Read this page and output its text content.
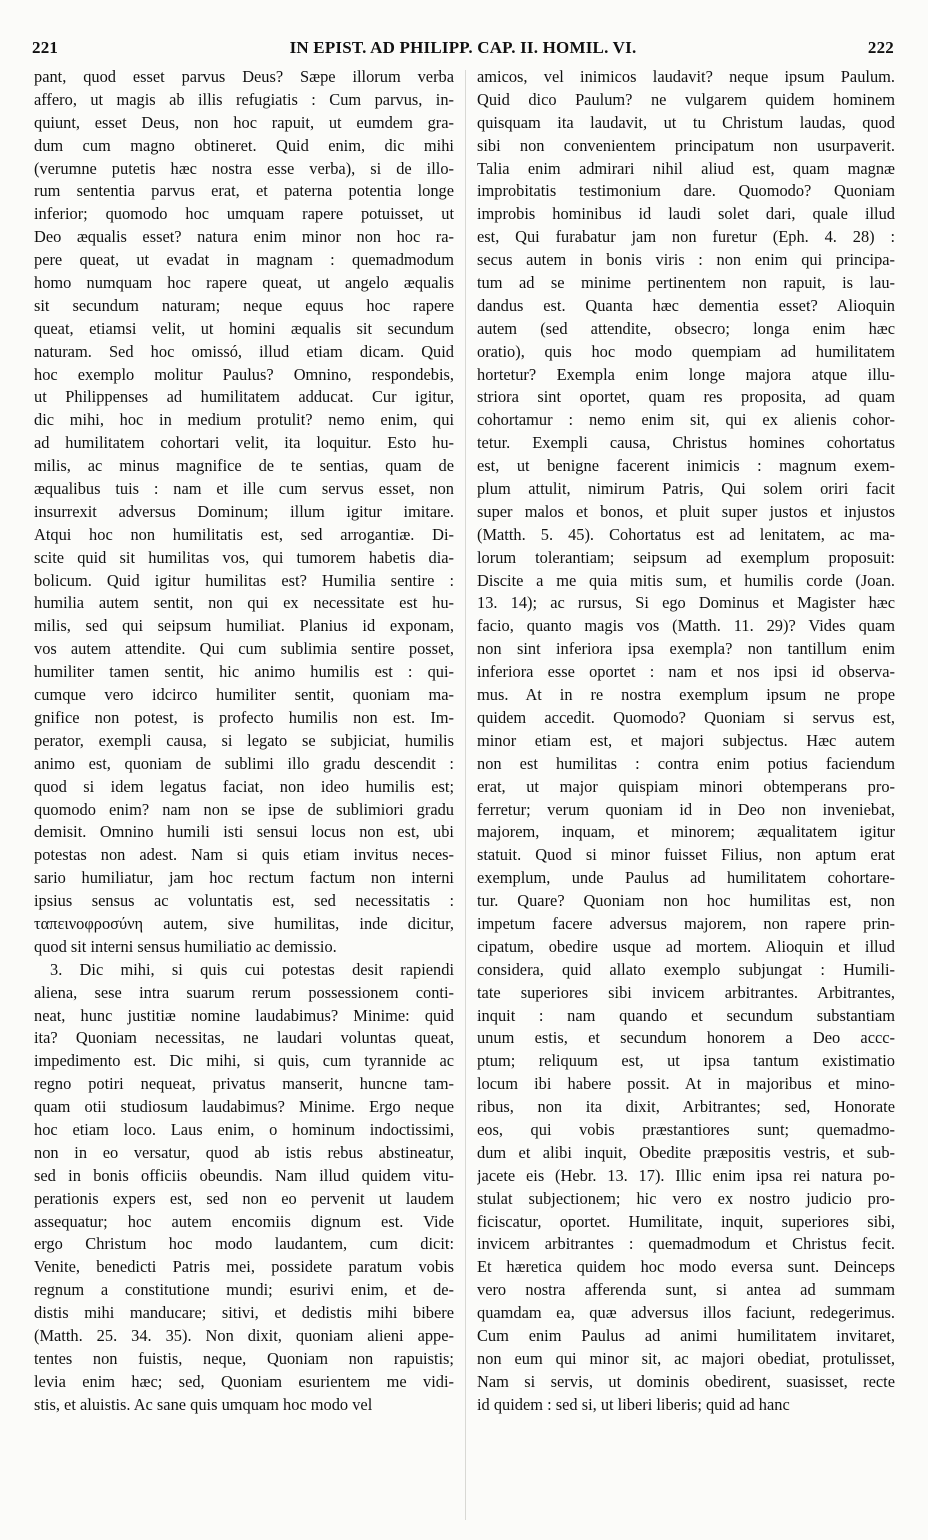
221	IN EPIST. AD PHILIPP. CAP. II. HOMIL. VI.	222
pant, quod esset parvus Deus? Sæpe illorum verba
affero, ut magis ab illis refugiatis : Cum parvus, in-
quiunt, esset Deus, non hoc rapuit, ut eumdem gra-
dum cum magno obtineret. Quid enim, dic mihi
(verumne putetis hæc nostra esse verba), si de illo-
rum sententia parvus erat, et paterna potentia longe
inferior; quomodo hoc umquam rapere potuisset, ut
Deo æqualis esset? natura enim minor non hoc ra-
pere queat, ut evadat in magnam : quemadmodum
homo numquam hoc rapere queat, ut angelo æqualis
sit secundum naturam; neque equus hoc rapere
queat, etiamsi velit, ut homini æqualis sit secundum
naturam. Sed hoc omissó, illud etiam dicam. Quid
hoc exemplo molitur Paulus? Omnino, respondebis,
ut Philippenses ad humilitatem adducat. Cur igitur,
dic mihi, hoc in medium protulit? nemo enim, qui
ad humilitatem cohortari velit, ita loquitur. Esto hu-
milis, ac minus magnifice de te sentias, quam de
æqualibus tuis : nam et ille cum servus esset, non
insurrexit adversus Dominum; illum igitur imitare.
Atqui hoc non humilitatis est, sed arrogantiæ. Di-
scite quid sit humilitas vos, qui tumorem habetis dia-
bolicum. Quid igitur humilitas est? Humilia sentire :
humilia autem sentit, non qui ex necessitate est hu-
milis, sed qui seipsum humiliat. Planius id exponam,
vos autem attendite. Qui cum sublimia sentire posset,
humiliter tamen sentit, hic animo humilis est : qui-
cumque vero idcirco humiliter sentit, quoniam ma-
gnifice non potest, is profecto humilis non est. Im-
perator, exempli causa, si legato se subjiciat, humilis
animo est, quoniam de sublimi illo gradu descendit :
quod si idem legatus faciat, non ideo humilis est;
quomodo enim? nam non se ipse de sublimiori gradu
demisit. Omnino humili isti sensui locus non est, ubi
potestas non adest. Nam si quis etiam invitus neces-
sario humiliatur, jam hoc rectum factum non interni
ipsius sensus ac voluntatis est, sed necessitatis :
ταπεινοφροσύνη autem, sive humilitas, inde dicitur,
quod sit interni sensus humiliatio ac demissio.
3. Dic mihi, si quis cui potestas desit rapiendi
aliena, sese intra suarum rerum possessionem conti-
neat, hunc justitiæ nomine laudabimus? Minime: quid
ita? Quoniam necessitas, ne laudari voluntas queat,
impedimento est. Dic mihi, si quis, cum tyrannide ac
regno potiri nequeat, privatus manserit, huncne tam-
quam otii studiosum laudabimus? Minime. Ergo neque
hoc etiam loco. Laus enim, o hominum indoctissimi,
non in eo versatur, quod ab istis rebus abstineatur,
sed in bonis officiis obeundis. Nam illud quidem vitu-
perationis expers est, sed non eo pervenit ut laudem
assequatur; hoc autem encomiis dignum est. Vide
ergo Christum hoc modo laudantem, cum dicit:
Venite, benedicti Patris mei, possidete paratum vobis
regnum a constitutione mundi; esurivi enim, et de-
distis mihi manducare; sitivi, et dedistis mihi bibere
(Matth. 25. 34. 35). Non dixit, quoniam alieni appe-
tentes non fuistis, neque, Quoniam non rapuistis;
levia enim hæc; sed, Quoniam esurientem me vidi-
stis, et aluistis. Ac sane quis umquam hoc modo vel
amicos, vel inimicos laudavit? neque ipsum Paulum.
Quid dico Paulum? ne vulgarem quidem hominem
quisquam ita laudavit, ut tu Christum laudas, quod
sibi non convenientem principatum non usurpaverit.
Talia enim admirari nihil aliud est, quam magnæ
improbitatis testimonium dare. Quomodo? Quoniam
improbis hominibus id laudi solet dari, quale illud
est, Qui furabatur jam non furetur (Eph. 4. 28) :
secus autem in bonis viris : non enim qui principa-
tum ad se minime pertinentem non rapuit, is lau-
dandus est. Quanta hæc dementia esset? Alioquin
autem (sed attendite, obsecro; longa enim hæc
oratio), quis hoc modo quempiam ad humilitatem
hortetur? Exempla enim longe majora atque illu-
striora sint oportet, quam res proposita, ad quam
cohortamur : nemo enim sit, qui ex alienis cohor-
tetur. Exempli causa, Christus homines cohortatus
est, ut benigne facerent inimicis : magnum exem-
plum attulit, nimirum Patris, Qui solem oriri facit
super malos et bonos, et pluit super justos et injustos
(Matth. 5. 45). Cohortatus est ad lenitatem, ac ma-
lorum tolerantiam; seipsum ad exemplum proposuit:
Discite a me quia mitis sum, et humilis corde (Joan.
13. 14); ac rursus, Si ego Dominus et Magister hæc
facio, quanto magis vos (Matth. 11. 29)? Vides quam
non sint inferiora ipsa exempla? non tantillum enim
inferiora esse oportet : nam et nos ipsi id observa-
mus. At in re nostra exemplum ipsum ne prope
quidem accedit. Quomodo? Quoniam si servus est,
minor etiam est, et majori subjectus. Hæc autem
non est humilitas : contra enim potius faciendum
erat, ut major quispiam minori obtemperans pro-
ferretur; verum quoniam id in Deo non inveniebat,
majorem, inquam, et minorem; æqualitatem igitur
statuit. Quod si minor fuisset Filius, non aptum erat
exemplum, unde Paulus ad humilitatem cohortare-
tur. Quare? Quoniam non hoc humilitas est, non
impetum facere adversus majorem, non rapere prin-
cipatum, obedire usque ad mortem. Alioquin et illud
considera, quid allato exemplo subjungat : Humili-
tate superiores sibi invicem arbitrantes. Arbitrantes,
inquit : nam quando et secundum substantiam
unum estis, et secundum honorem a Deo accc-
ptum; reliquum est, ut ipsa tantum existimatio
locum ibi habere possit. At in majoribus et mino-
ribus, non ita dixit, Arbitrantes; sed, Honorate
eos, qui vobis præstantiores sunt; quemadmo-
dum et alibi inquit, Obedite præpositis vestris, et sub-
jacete eis (Hebr. 13. 17). Illic enim ipsa rei natura po-
stulat subjectionem; hic vero ex nostro judicio pro-
ficiscatur, oportet. Humilitate, inquit, superiores sibi,
invicem arbitrantes : quemadmodum et Christus fecit.
Et hæretica quidem hoc modo eversa sunt. Deinceps
vero nostra afferenda sunt, si antea ad summam
quamdam ea, quæ adversus illos faciunt, redegerimus.
Cum enim Paulus ad animi humilitatem invitaret,
non eum qui minor sit, ac majori obediat, protulisset,
Nam si servis, ut dominis obedirent, suasisset, recte
id quidem : sed si, ut liberi liberis; quid ad hanc
